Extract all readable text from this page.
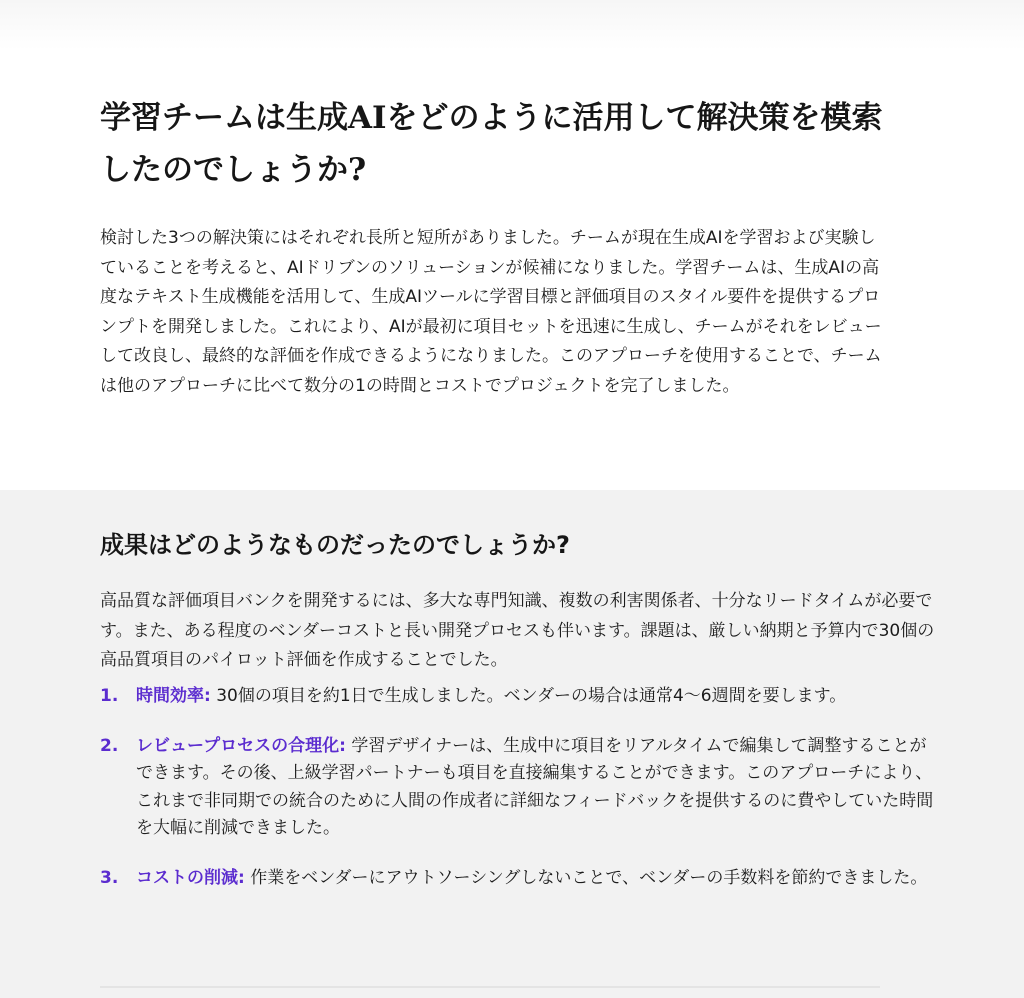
学習チームは生成AIをどのように活用して解決策を模索したのでしょうか?

検討した3つの解決策にはそれぞれ長所と短所がありました。チームが現在生成AIを学習および実験していることを考えると、AIドリブンのソリューションが候補になりました。学習チームは、生成AIの高度なテキスト生成機能を活用して、生成AIツールに学習目標と評価項目のスタイル要件を提供するプロンプトを開発しました。これにより、AIが最初に項目セットを迅速に生成し、チームがそれをレビューして改良し、最終的な評価を作成できるようになりました。このアプローチを使用することで、チームは他のアプローチに比べて数分の1の時間とコストでプロジェクトを完了しました。

成果はどのようなものだったのでしょうか?

高品質な評価項目バンクを開発するには、多大な専門知識、複数の利害関係者、十分なリードタイムが必要です。また、ある程度のベンダーコストと長い開発プロセスも伴います。課題は、厳しい納期と予算内で30個の高品質項目のパイロット評価を作成することでした。

1. 時間効率: 30個の項目を約1日で生成しました。ベンダーの場合は通常4〜6週間を要します。
2. レビュープロセスの合理化: 学習デザイナーは、生成中に項目をリアルタイムで編集して調整することができます。その後、上級学習パートナーも項目を直接編集することができます。このアプローチにより、これまで非同期での統合のために人間の作成者に詳細なフィードバックを提供するのに費やしていた時間を大幅に削減できました。
3. コストの削減: 作業をベンダーにアウトソーシングしないことで、ベンダーの手数料を節約できました。
